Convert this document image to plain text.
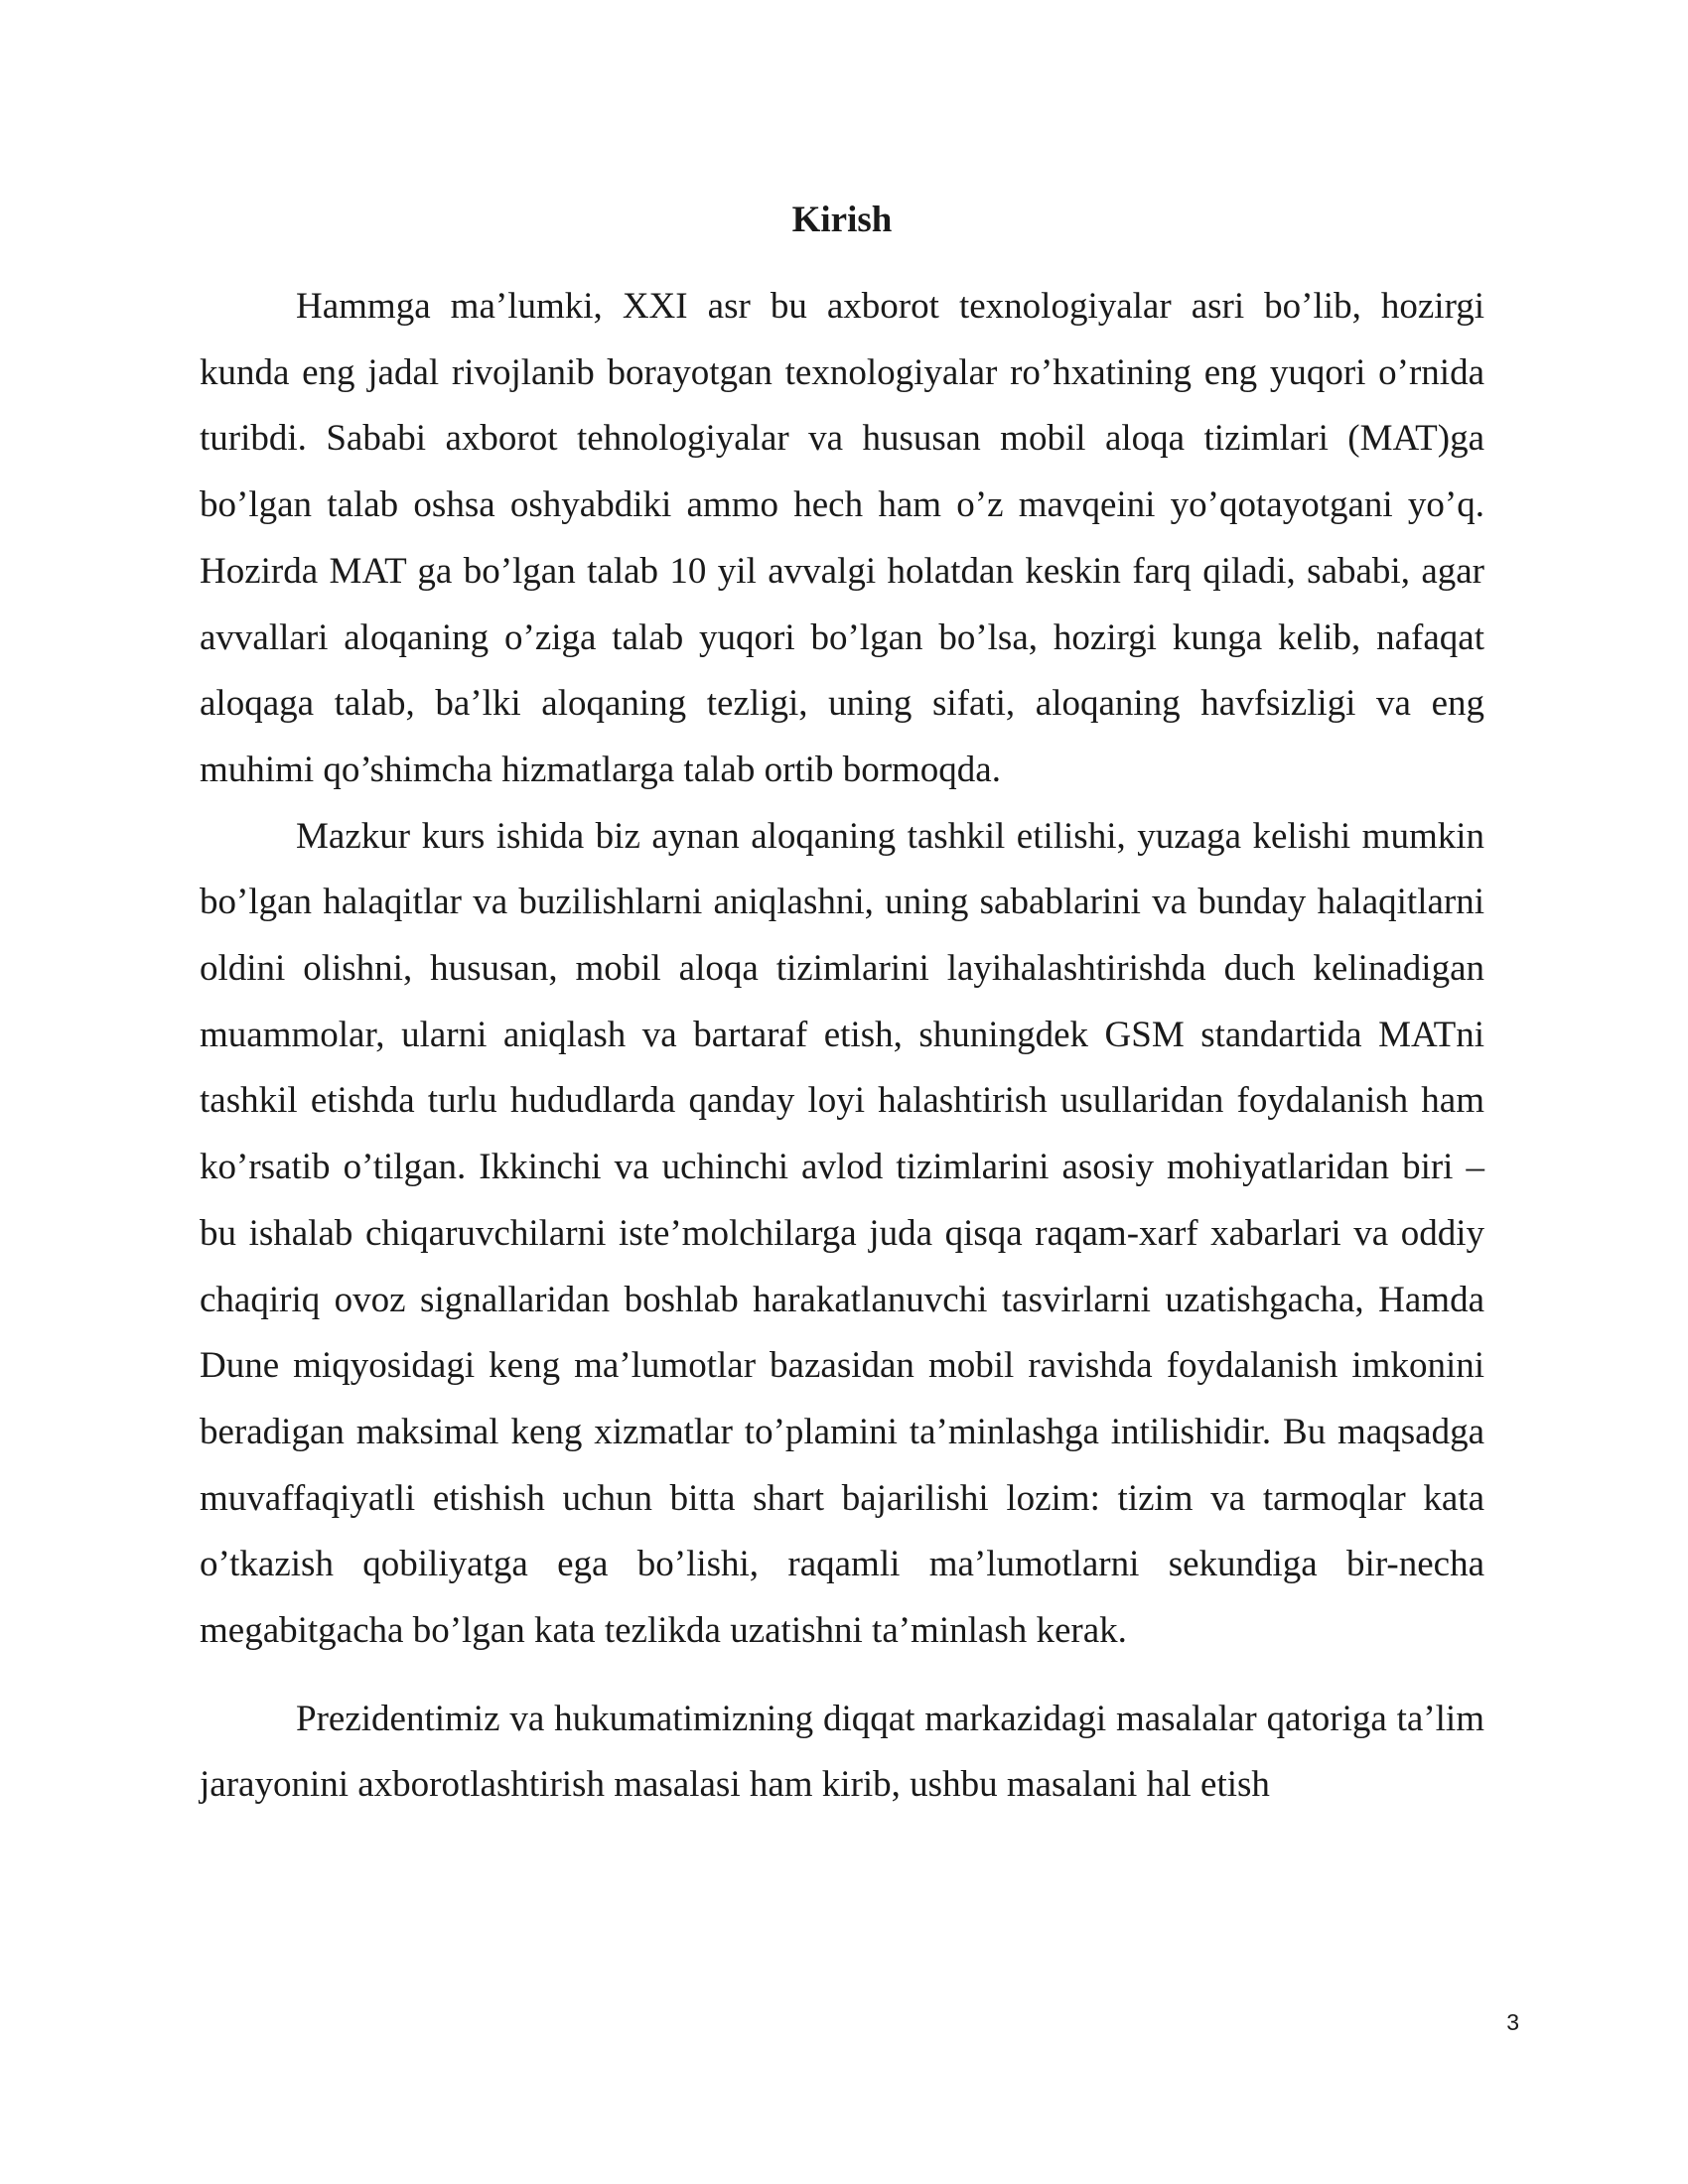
Kirish

Hammga ma’lumki, XXI asr bu axborot texnologiyalar asri bo’lib, hozirgi kunda eng jadal rivojlanib borayotgan texnologiyalar ro’hxatining eng yuqori o’rnida turibdi. Sababi axborot tehnologiyalar va hususan mobil aloqa tizimlari (MAT)ga bo’lgan talab oshsa oshyabdiki ammo hech ham o’z mavqeini yo’qotayotgani yo’q. Hozirda MAT ga bo’lgan talab 10 yil avvalgi holatdan keskin farq qiladi, sababi, agar avvallari aloqaning o’ziga talab yuqori bo’lgan bo’lsa, hozirgi kunga kelib, nafaqat aloqaga talab, ba’lki aloqaning tezligi, uning sifati, aloqaning havfsizligi va eng muhimi qo’shimcha hizmatlarga talab ortib bormoqda.

Mazkur kurs ishida biz aynan aloqaning tashkil etilishi, yuzaga kelishi mumkin bo’lgan halaqitlar va buzilishlarni aniqlashni, uning sabablarini va bunday halaqitlarni oldini olishni, hususan, mobil aloqa tizimlarini layihalashtirishda duch kelinadigan muammolar, ularni aniqlash va bartaraf etish, shuningdek GSM standartida MATni tashkil etishda turlu hududlarda qanday loyi halashtirish usullaridan foydalanish ham ko’rsatib o’tilgan. Ikkinchi va uchinchi avlod tizimlarini asosiy mohiyatlaridan biri – bu ishalab chiqaruvchilarni iste’molchilarga juda qisqa raqam-xarf xabarlari va oddiy chaqiriq ovoz signallaridan boshlab harakatlanuvchi tasvirlarni uzatishgacha, Hamda Dune miqyosidagi keng ma’lumotlar bazasidan mobil ravishda foydalanish imkonini beradigan maksimal keng xizmatlar to’plamini ta’minlashga intilishidir. Bu maqsadga muvaffaqiyatli etishish uchun bitta shart bajarilishi lozim: tizim va tarmoqlar kata o’tkazish qobiliyatga ega bo’lishi, raqamli ma’lumotlarni sekundiga bir-necha megabitgacha bo’lgan kata tezlikda uzatishni ta’minlash kerak.

Prezidentimiz va hukumatimizning diqqat markazidagi masalalar qatoriga ta’lim jarayonini axborotlashtirish masalasi ham kirib, ushbu masalani hal etish

3
